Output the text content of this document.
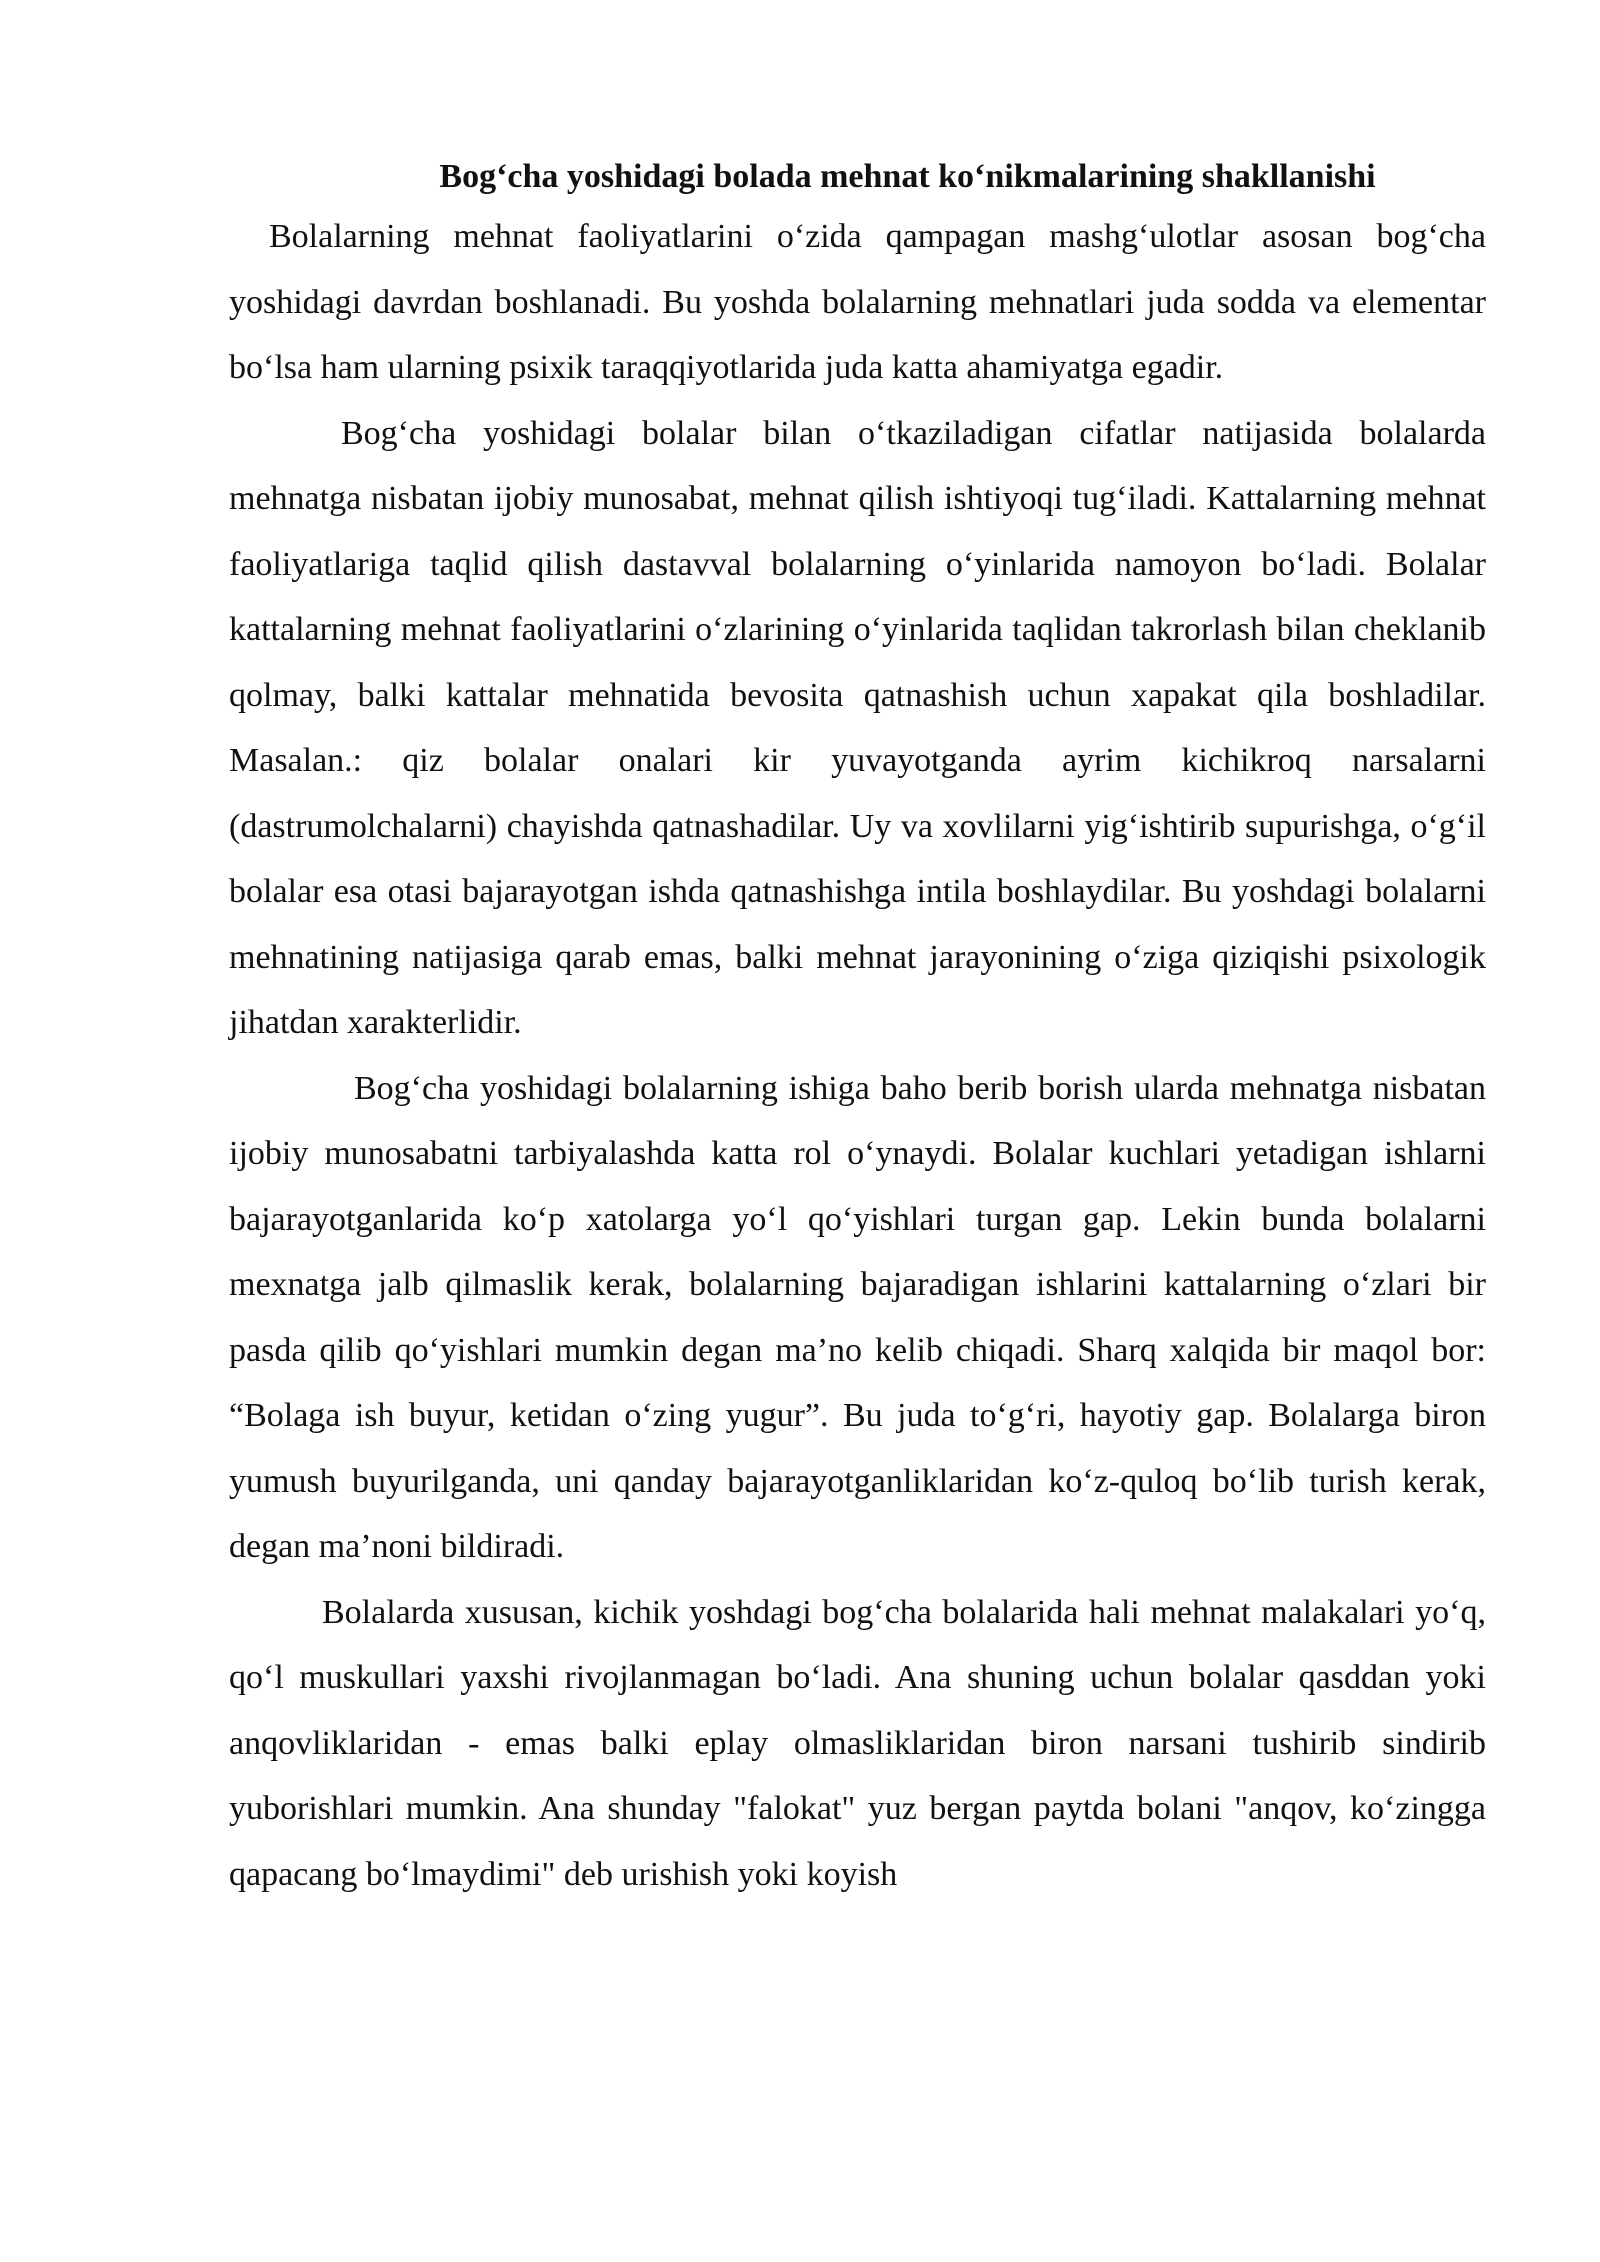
Bog‘cha yoshidagi bolada mehnat ko‘nikmalarining shakllanishi

Bolalarning mehnat faoliyatlarini o‘zida qampagan mashg‘ulotlar asosan bog‘cha yoshidagi davrdan boshlanadi. Bu yoshda bolalarning mehnatlari juda sodda va elementar bo‘lsa ham ularning psixik taraqqiyotlarida juda katta ahamiyatga egadir.

Bog‘cha yoshidagi bolalar bilan o‘tkaziladigan cifatlar natijasida bolalarda mehnatga nisbatan ijobiy munosabat, mehnat qilish ishtiyoqi tug‘iladi. Kattalarning mehnat faoliyatlariga taqlid qilish dastavval bolalarning o‘yinlarida namoyon bo‘ladi. Bolalar kattalarning mehnat faoliyatlarini o‘zlarining o‘yinlarida taqlidan takrorlash bilan cheklanib qolmay, balki kattalar mehnatida bevosita qatnashish uchun xapakat qila boshladilar. Masalan.: qiz bolalar onalari kir yuvayotganda ayrim kichikroq narsalarni (dastrumolchalarni) chayishda qatnashadilar. Uy va xovlilarni yig‘ishtirib supurishga, o‘g‘il bolalar esa otasi bajarayotgan ishda qatnashishga intila boshlaydilar. Bu yoshdagi bolalarni mehnatining natijasiga qarab emas, balki mehnat jarayonining o‘ziga qiziqishi psixologik jihatdan xarakterlidir.

Bog‘cha yoshidagi bolalarning ishiga baho berib borish ularda mehnatga nisbatan ijobiy munosabatni tarbiyalashda katta rol o‘ynaydi. Bolalar kuchlari yetadigan ishlarni bajarayotganlarida ko‘p xatolarga yo‘l qo‘yishlari turgan gap. Lekin bunda bolalarni mexnatga jalb qilmaslik kerak, bolalarning bajaradigan ishlarini kattalarning o‘zlari bir pasda qilib qo‘yishlari mumkin degan ma’no kelib chiqadi. Sharq xalqida bir maqol bor: “Bolaga ish buyur, ketidan o‘zing yugur”. Bu juda to‘g‘ri, hayotiy gap. Bolalarga biron yumush buyurilganda, uni qanday bajarayotganliklaridan ko‘z-quloq bo‘lib turish kerak, degan ma’noni bildiradi.

Bolalarda xususan, kichik yoshdagi bog‘cha bolalarida hali mehnat malakalari yo‘q, qo‘l muskullari yaxshi rivojlanmagan bo‘ladi. Ana shuning uchun bolalar qasddan yoki anqovliklaridan - emas balki eplay olmasliklaridan biron narsani tushirib sindirib yuborishlari mumkin. Ana shunday "falokat" yuz bergan paytda bolani "anqov, ko‘zingga qapacang bo‘lmaydimi" deb urishish yoki koyish
